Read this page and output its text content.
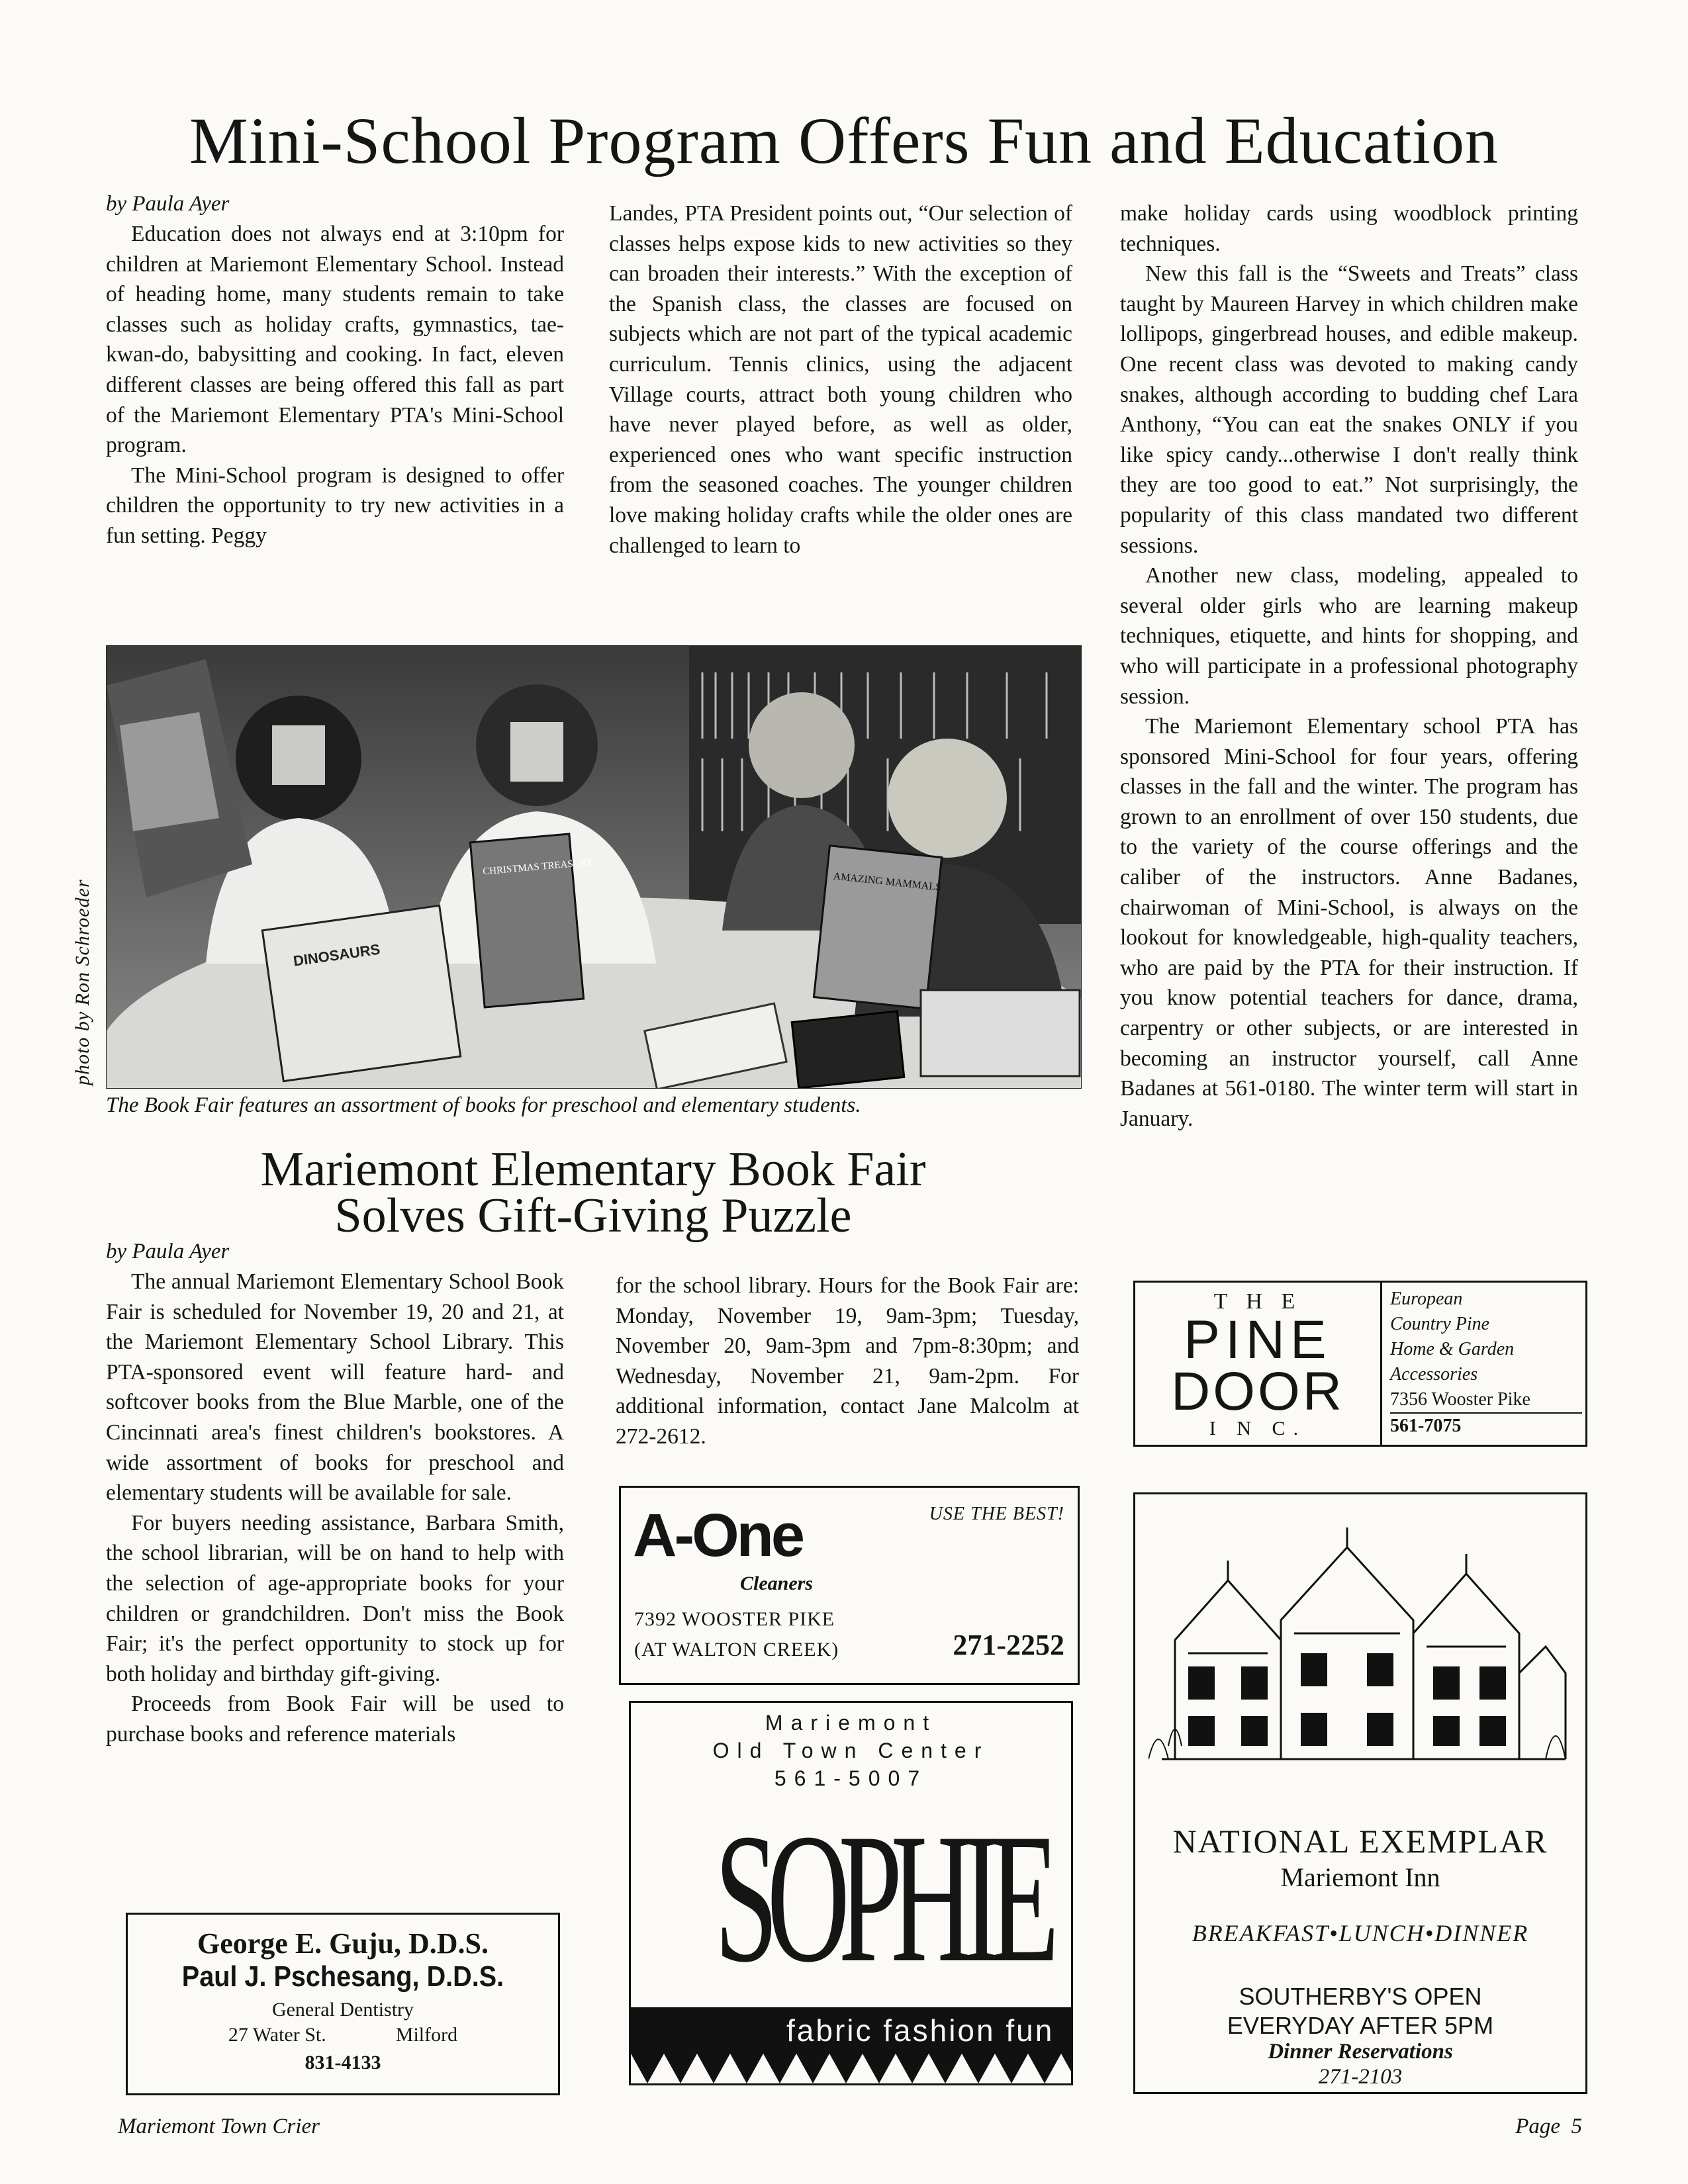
Mini-School Program Offers Fun and Education
by Paula Ayer

Education does not always end at 3:10pm for children at Mariemont Elementary School. Instead of heading home, many students remain to take classes such as holiday crafts, gymnastics, tae-kwan-do, babysitting and cooking. In fact, eleven different classes are being offered this fall as part of the Mariemont Elementary PTA's Mini-School program.

The Mini-School program is designed to offer children the opportunity to try new activities in a fun setting. Peggy

Landes, PTA President points out, “Our selection of classes helps expose kids to new activities so they can broaden their interests.” With the exception of the Spanish class, the classes are focused on subjects which are not part of the typical academic curriculum. Tennis clinics, using the adjacent Village courts, attract both young children who have never played before, as well as older, experienced ones who want specific instruction from the seasoned coaches. The younger children love making holiday crafts while the older ones are challenged to learn to

make holiday cards using woodblock printing techniques.

New this fall is the “Sweets and Treats” class taught by Maureen Harvey in which children make lollipops, gingerbread houses, and edible makeup. One recent class was devoted to making candy snakes, although according to budding chef Lara Anthony, “You can eat the snakes ONLY if you like spicy candy...otherwise I don't really think they are too good to eat.” Not surprisingly, the popularity of this class mandated two different sessions.

Another new class, modeling, appealed to several older girls who are learning makeup techniques, etiquette, and hints for shopping, and who will participate in a professional photography session.

The Mariemont Elementary school PTA has sponsored Mini-School for four years, offering classes in the fall and the winter. The program has grown to an enrollment of over 150 students, due to the variety of the course offerings and the caliber of the instructors. Anne Badanes, chairwoman of Mini-School, is always on the lookout for knowledgeable, high-quality teachers, who are paid by the PTA for their instruction. If you know potential teachers for dance, drama, carpentry or other subjects, or are interested in becoming an instructor yourself, call Anne Badanes at 561-0180. The winter term will start in January.

photo by Ron Schroeder	DINOSAURS
CHRISTMAS TREASURY
AMAZING MAMMALS
The Book Fair features an assortment of books for preschool and elementary students.
Mariemont Elementary Book Fair
Solves Gift-Giving Puzzle
by Paula Ayer

The annual Mariemont Elementary School Book Fair is scheduled for November 19, 20 and 21, at the Mariemont Elementary School Library. This PTA-sponsored event will feature hard- and softcover books from the Blue Marble, one of the Cincinnati area's finest children's bookstores. A wide assortment of books for preschool and elementary students will be available for sale.

For buyers needing assistance, Barbara Smith, the school librarian, will be on hand to help with the selection of age-appropriate books for your children or grandchildren. Don't miss the Book Fair; it's the perfect opportunity to stock up for both holiday and birthday gift-giving.

Proceeds from Book Fair will be used to purchase books and reference materials

for the school library. Hours for the Book Fair are: Monday, November 19, 9am-3pm; Tuesday, November 20, 9am-3pm and 7pm-8:30pm; and Wednesday, November 21, 9am-2pm. For additional information, contact Jane Malcolm at 272-2612.

T H E
PINE
DOOR
I N C.
European
Country Pine
Home & Garden
Accessories
7356 Wooster Pike
561-7075
A-One
Cleaners
USE THE BEST!
7392 WOOSTER PIKE
(AT WALTON CREEK)	271-2252
Mariemont
Old Town Center
561-5007
SOPHIE
fabric fashion fun
NATIONAL EXEMPLAR
Mariemont Inn
BREAKFAST•LUNCH•DINNER
SOUTHERBY'S OPEN
EVERYDAY AFTER 5PM
Dinner Reservations
271-2103
George E. Guju, D.D.S.
Paul J. Pschesang, D.D.S.
General Dentistry
27 Water St.	Milford
831-4133
Mariemont Town Crier	Page  5
